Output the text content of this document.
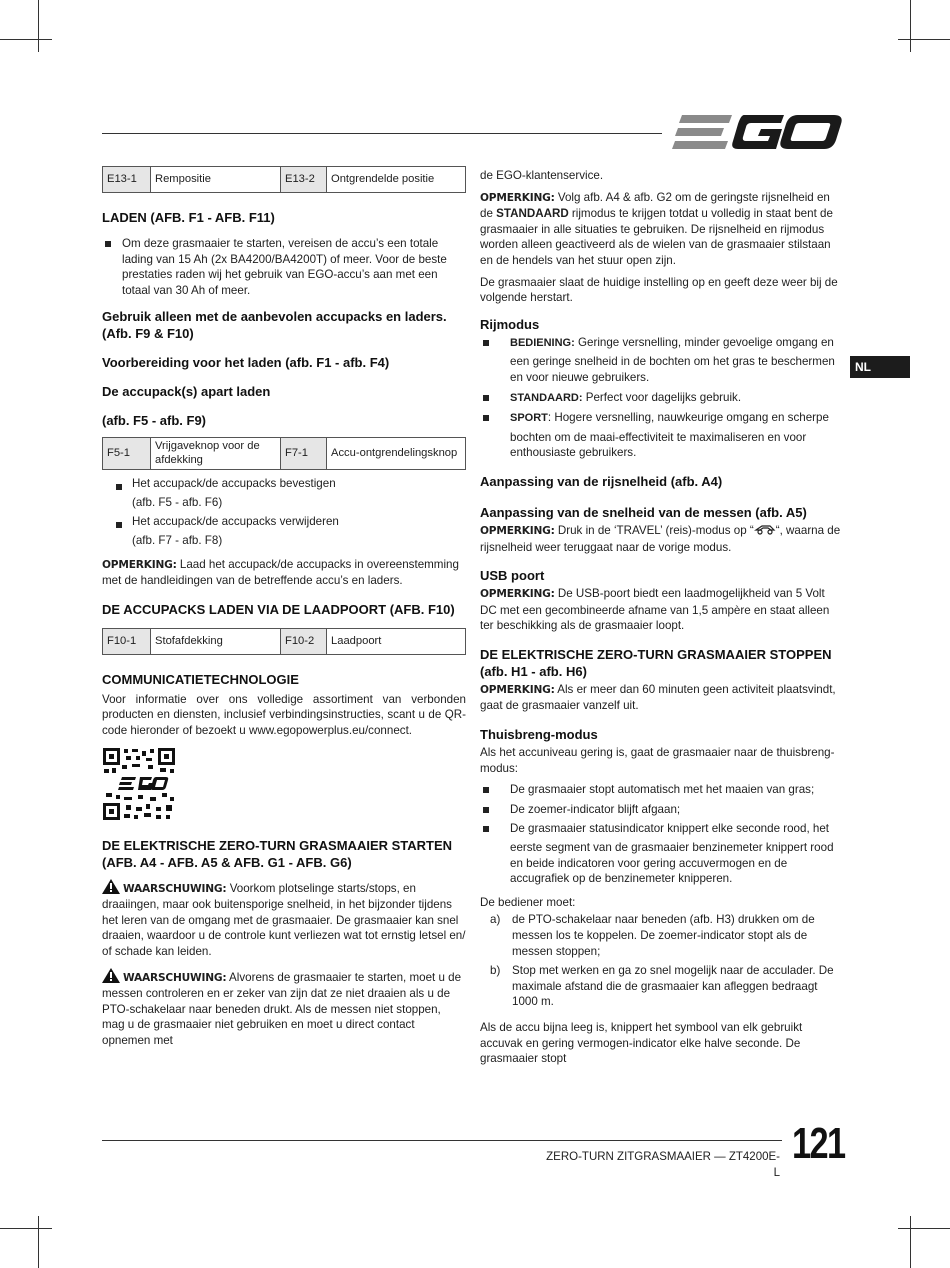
NL
E13-1	Rempositie	E13-2	Ontgrendelde positie
LADEN (AFB. F1 - AFB. F11)
Om deze grasmaaier te starten, vereisen de accu’s een totale lading van 15 Ah (2x BA4200/BA4200T) of meer. Voor de beste prestaties raden wij het gebruik van EGO-accu’s aan met een totaal van 30 Ah of meer.
Gebruik alleen met de aanbevolen accupacks en laders. (Afb. F9 & F10)
Voorbereiding voor het laden (afb. F1 - afb. F4)
De accupack(s) apart laden
(afb. F5 - afb. F9)
F5-1	Vrijgaveknop voor de afdekking	F7-1	Accu-ontgrendelingsknop
Het accupack/de accupacks bevestigen
(afb. F5 - afb. F6)
Het accupack/de accupacks verwijderen
(afb. F7 - afb. F8)

OPMERKING: Laad het accupack/de accupacks in overeenstemming met de handleidingen van de betreffende accu’s en laders.

DE ACCUPACKS LADEN VIA DE LAADPOORT (AFB. F10)
F10-1	Stofafdekking	F10-2	Laadpoort
COMMUNICATIETECHNOLOGIE

Voor informatie over ons volledige assortiment van verbonden producten en diensten, inclusief verbindingsinstructies, scant u de QR-code hieronder of bezoekt u www.egopowerplus.eu/connect.

DE ELEKTRISCHE ZERO-TURN GRASMAAIER STARTEN (AFB. A4 - AFB. A5 & AFB. G1 - AFB. G6)

WAARSCHUWING: Voorkom plotselinge starts/stops, en draaiingen, maar ook buitensporige snelheid, in het bijzonder tijdens het leren van de omgang met de grasmaaier. De grasmaaier kan snel draaien, waardoor u de controle kunt verliezen wat tot ernstig letsel en/ of schade kan leiden.

WAARSCHUWING: Alvorens de grasmaaier te starten, moet u de messen controleren en er zeker van zijn dat ze niet draaien als u de PTO-schakelaar naar beneden drukt. Als de messen niet stoppen, mag u de grasmaaier niet gebruiken en moet u direct contact opnemen met

de EGO-klantenservice.

OPMERKING: Volg afb. A4 & afb. G2 om de geringste rijsnelheid en de STANDAARD rijmodus te krijgen totdat u volledig in staat bent de grasmaaier in alle situaties te gebruiken. De rijsnelheid en rijmodus worden alleen geactiveerd als de wielen van de grasmaaier stilstaan en de hendels van het stuur open zijn.

De grasmaaier slaat de huidige instelling op en geeft deze weer bij de volgende herstart.

Rijmodus
BEDIENING: Geringe versnelling, minder gevoelige omgang en
een geringe snelheid in de bochten om het gras te beschermen en voor nieuwe gebruikers.
STANDAARD: Perfect voor dagelijks gebruik.
SPORT: Hogere versnelling, nauwkeurige omgang en scherpe
bochten om de maai-effectiviteit te maximaliseren en voor enthousiaste gebruikers.
Aanpassing van de rijsnelheid (afb. A4)
Aanpassing van de snelheid van de messen (afb. A5)

OPMERKING: Druk in de ‘TRAVEL’ (reis)-modus op “ “, waarna de rijsnelheid weer teruggaat naar de vorige modus.

USB poort

OPMERKING: De USB-poort biedt een laadmogelijkheid van 5 Volt DC met een gecombineerde afname van 1,5 ampère en staat alleen ter beschikking als de grasmaaier loopt.

DE ELEKTRISCHE ZERO-TURN GRASMAAIER STOPPEN (afb. H1 - afb. H6)

OPMERKING: Als er meer dan 60 minuten geen activiteit plaatsvindt, gaat de grasmaaier vanzelf uit.

Thuisbreng-modus

Als het accuniveau gering is, gaat de grasmaaier naar de thuisbreng-modus:

De grasmaaier stopt automatisch met het maaien van gras;
De zoemer-indicator blijft afgaan;
De grasmaaier statusindicator knippert elke seconde rood, het
eerste segment van de grasmaaier benzinemeter knippert rood en beide indicatoren voor gering accuvermogen en de accugrafiek op de benzinemeter knipperen.

De bediener moet:

a) de PTO-schakelaar naar beneden (afb. H3) drukken om de messen los te koppelen. De zoemer-indicator stopt als de messen stoppen;
b) Stop met werken en ga zo snel mogelijk naar de acculader. De maximale afstand die de grasmaaier kan afleggen bedraagt 1000 m.

Als de accu bijna leeg is, knippert het symbool van elk gebruikt accuvak en gering vermogen-indicator elke halve seconde. De grasmaaier stopt

ZERO-TURN ZITGRASMAAIER — ZT4200E-L
121
